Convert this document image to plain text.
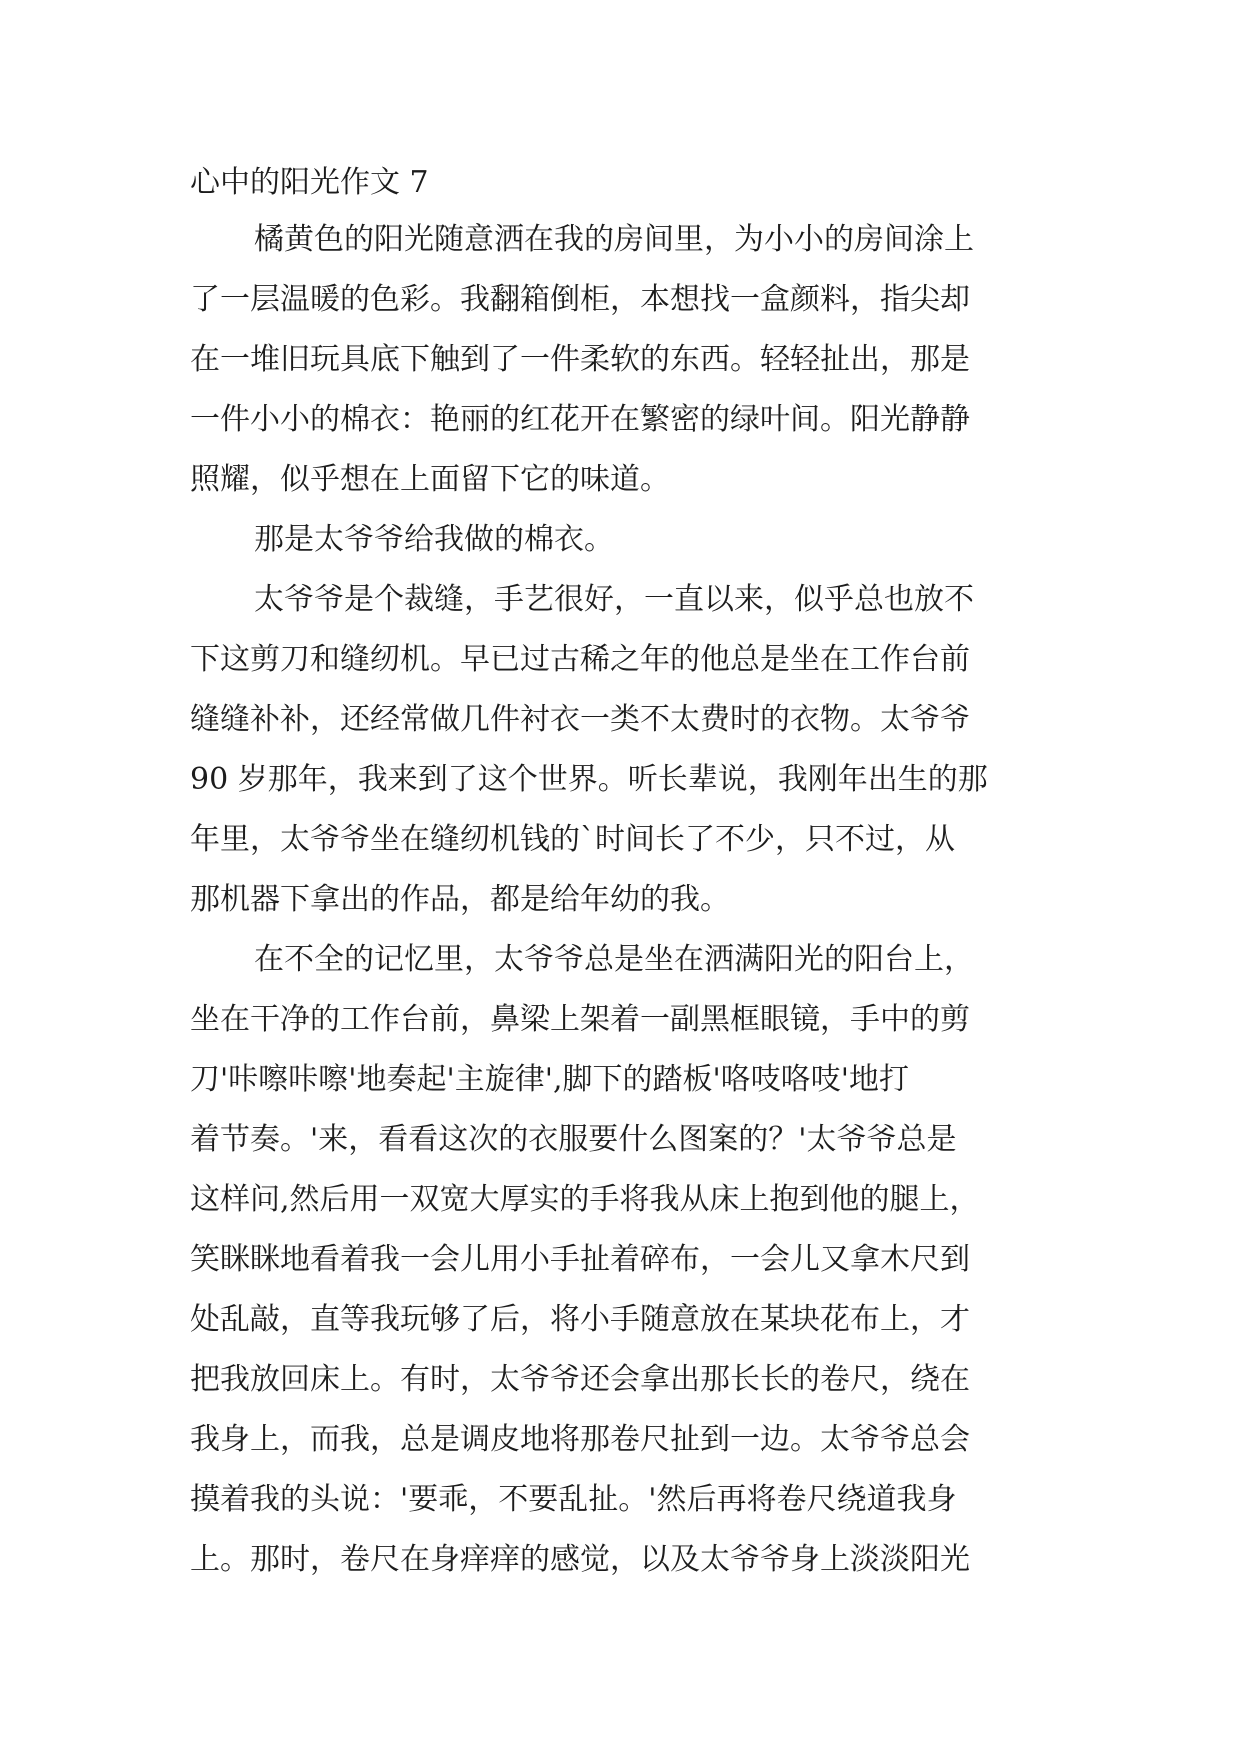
心中的阳光作文 7
橘黄色的阳光随意洒在我的房间里，为小小的房间涂上
了一层温暖的色彩。我翻箱倒柜，本想找一盒颜料，指尖却
在一堆旧玩具底下触到了一件柔软的东西。轻轻扯出，那是
一件小小的棉衣：艳丽的红花开在繁密的绿叶间。阳光静静
照耀，似乎想在上面留下它的味道。
那是太爷爷给我做的棉衣。
太爷爷是个裁缝，手艺很好，一直以来，似乎总也放不
下这剪刀和缝纫机。早已过古稀之年的他总是坐在工作台前
缝缝补补，还经常做几件衬衣一类不太费时的衣物。太爷爷
90 岁那年，我来到了这个世界。听长辈说，我刚年出生的那
年里，太爷爷坐在缝纫机钱的`时间长了不少，只不过，从
那机器下拿出的作品，都是给年幼的我。
在不全的记忆里，太爷爷总是坐在洒满阳光的阳台上，
坐在干净的工作台前，鼻梁上架着一副黑框眼镜，手中的剪
刀'咔嚓咔嚓'地奏起'主旋律',脚下的踏板'咯吱咯吱'地打
着节奏。'来，看看这次的衣服要什么图案的？'太爷爷总是
这样问,然后用一双宽大厚实的手将我从床上抱到他的腿上，
笑眯眯地看着我一会儿用小手扯着碎布，一会儿又拿木尺到
处乱敲，直等我玩够了后，将小手随意放在某块花布上，才
把我放回床上。有时，太爷爷还会拿出那长长的卷尺，绕在
我身上，而我，总是调皮地将那卷尺扯到一边。太爷爷总会
摸着我的头说：'要乖，不要乱扯。'然后再将卷尺绕道我身
上。那时，卷尺在身痒痒的感觉，以及太爷爷身上淡淡阳光
